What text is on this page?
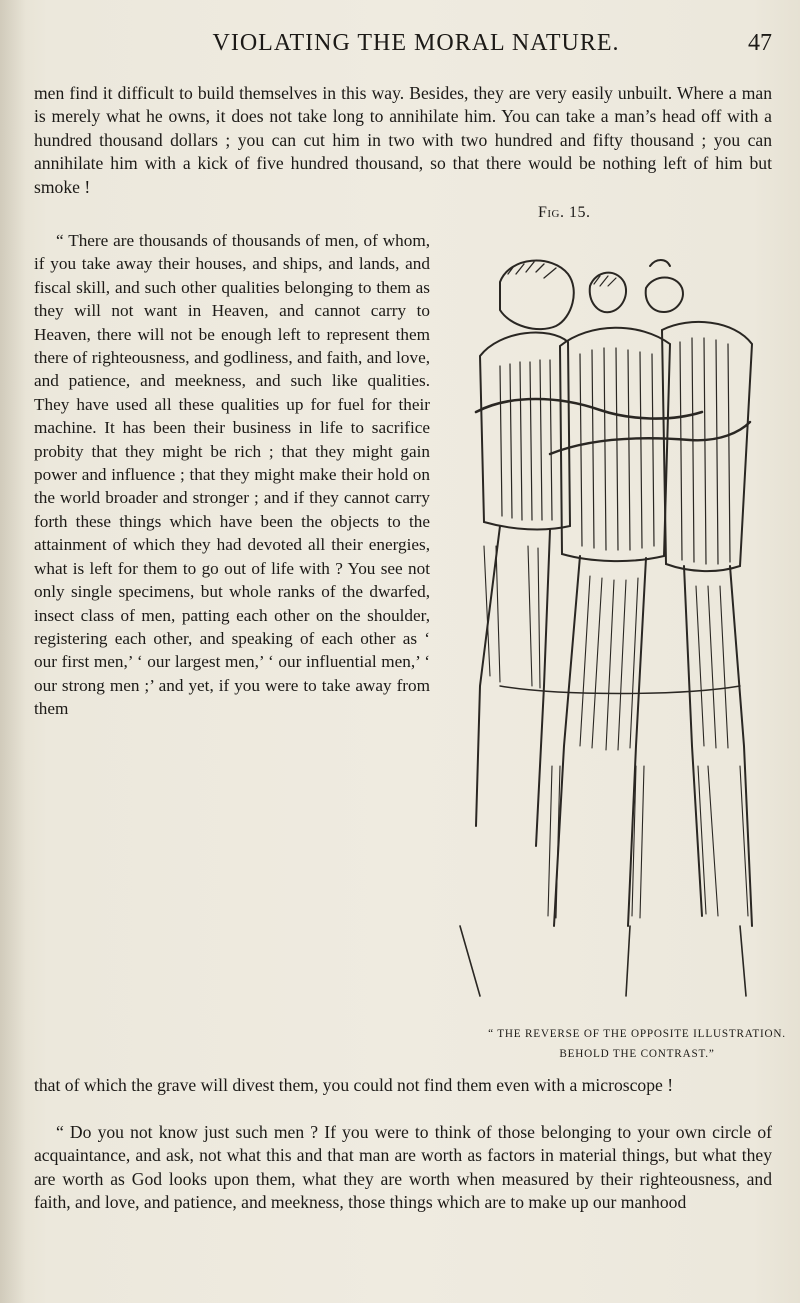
VIOLATING THE MORAL NATURE.	47

men find it difficult to build themselves in this way. Besides, they are very easily unbuilt. Where a man is merely what he owns, it does not take long to annihilate him. You can take a man’s head off with a hundred thousand dollars ; you can cut him in two with two hundred and fifty thousand ; you can annihilate him with a kick of five hundred thousand, so that there would be nothing left of him but smoke !

“ There are thousands of thousands of men, of whom, if you take away their houses, and ships, and lands, and fiscal skill, and such other qualities belonging to them as they will not want in Heaven, and cannot carry to Heaven, there will not be enough left to represent them there of righteousness, and godliness, and faith, and love, and patience, and meekness, and such like qualities. They have used all these qualities up for fuel for their machine. It has been their business in life to sacrifice probity that they might be rich ; that they might gain power and influence ; that they might make their hold on the world broader and stronger ; and if they cannot carry forth these things which have been the objects to the attainment of which they had devoted all their energies, what is left for them to go out of life with ? You see not only single specimens, but whole ranks of the dwarfed, insect class of men, patting each other on the shoulder, registering each other, and speaking of each other as ‘ our first men,’ ‘ our largest men,’ ‘ our influential men,’ ‘ our strong men ;’ and yet, if you were to take away from them

Fig. 15.
“ THE REVERSE OF THE OPPOSITE ILLUSTRATION. BEHOLD THE CONTRAST.”

that of which the grave will divest them, you could not find them even with a microscope !

“ Do you not know just such men ? If you were to think of those belonging to your own circle of acquaintance, and ask, not what this and that man are worth as factors in material things, but what they are worth as God looks upon them, what they are worth when measured by their righteousness, and faith, and love, and patience, and meekness, those things which are to make up our manhood
